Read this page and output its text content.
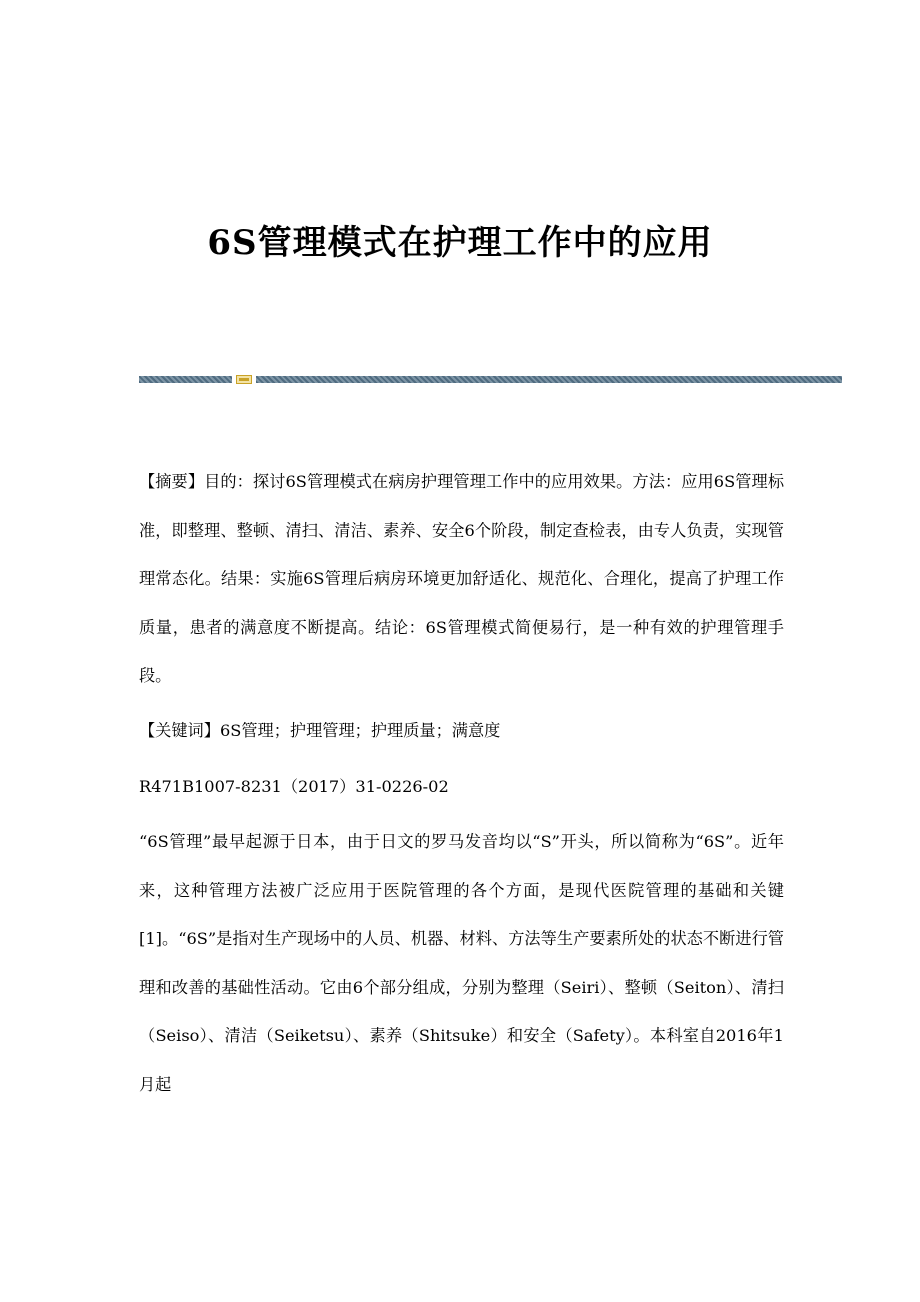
6S管理模式在护理工作中的应用

【摘要】目的：探讨6S管理模式在病房护理管理工作中的应用效果。方法：应用6S管理标准，即整理、整顿、清扫、清洁、素养、安全6个阶段，制定查检表，由专人负责，实现管理常态化。结果：实施6S管理后病房环境更加舒适化、规范化、合理化，提高了护理工作质量，患者的满意度不断提高。结论：6S管理模式简便易行，是一种有效的护理管理手段。

【关键词】6S管理；护理管理；护理质量；满意度

R471B1007-8231（2017）31-0226-02

“6S管理”最早起源于日本，由于日文的罗马发音均以“S”开头，所以简称为“6S”。近年来，这种管理方法被广泛应用于医院管理的各个方面，是现代医院管理的基础和关键[1]。“6S”是指对生产现场中的人员、机器、材料、方法等生产要素所处的状态不断进行管理和改善的基础性活动。它由6个部分组成，分别为整理（Seiri）、整顿（Seiton）、清扫（Seiso）、清洁（Seiketsu）、素养（Shitsuke）和安全（Safety）。本科室自2016年1月起
